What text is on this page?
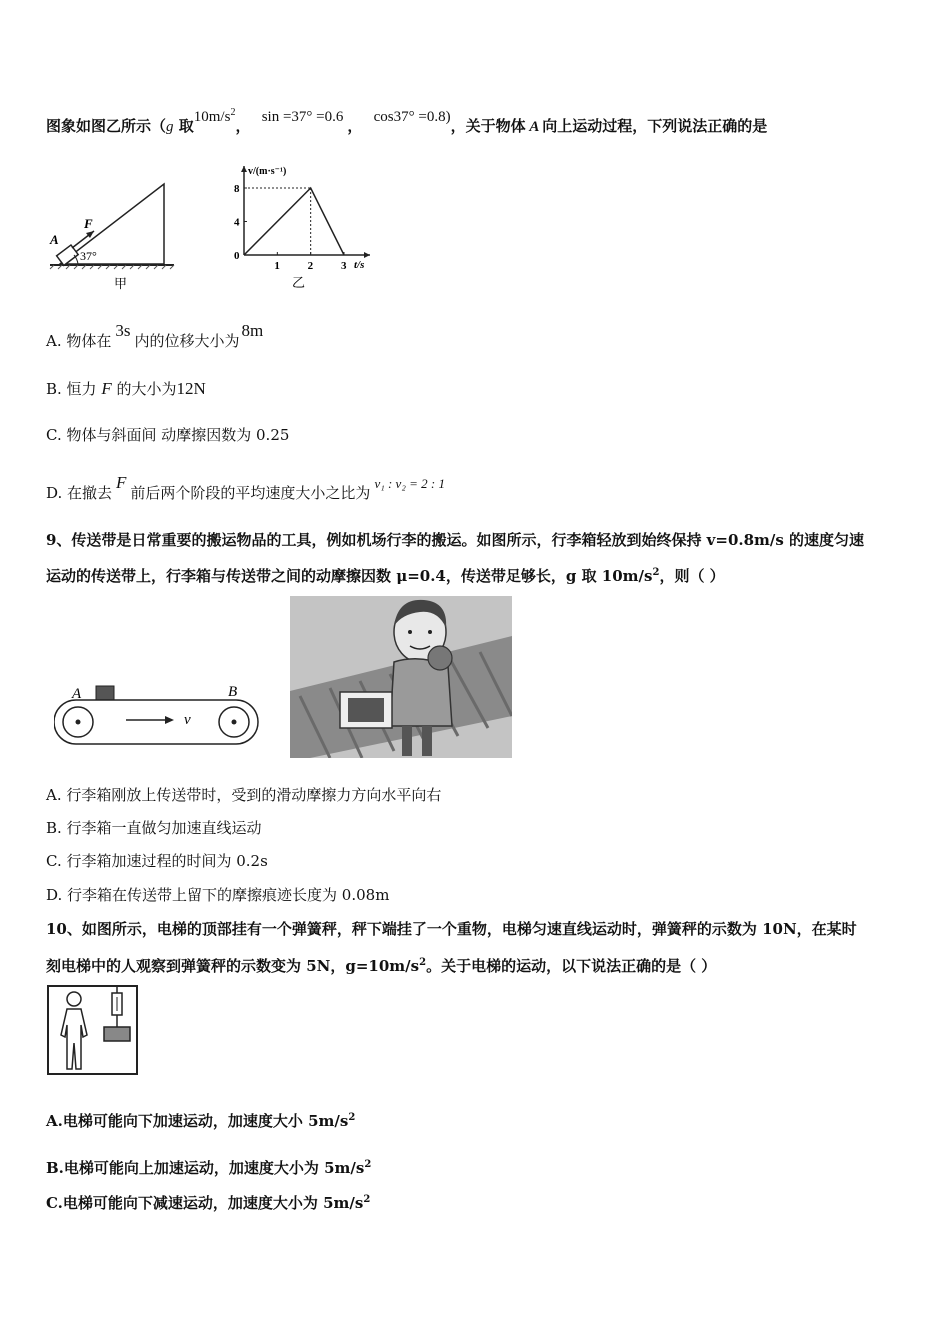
图象如图乙所示（g 取$10m/s^2$， sin =37° =0.6 ， cos37° =0.8)，关于物体 A 向上运动过程，下列说法正确的是
A
F
37°
甲
v/(m·s⁻¹)
t/s
8
4
0
1	2	3
乙
A. 物体在3s内的位移大小为8m
B. 恒力 F 的大小为12N
C. 物体与斜面间 动摩擦因数为 0.25
D. 在撤去F前后两个阶段的平均速度大小之比为v₁ : v₂ = 2 : 1
9、传送带是日常重要的搬运物品的工具，例如机场行李的搬运。如图所示，行李箱轻放到始终保持 v=0.8m/s 的速度匀速
运动的传送带上，行李箱与传送带之间的动摩擦因数 μ=0.4，传送带足够长，g 取 $10m/s^2$，则（ ）
A	B
v
A. 行李箱刚放上传送带时，受到的滑动摩擦力方向水平向右
B. 行李箱一直做匀加速直线运动
C. 行李箱加速过程的时间为 0.2s
D. 行李箱在传送带上留下的摩擦痕迹长度为 0.08m
10、如图所示，电梯的顶部挂有一个弹簧秤，秤下端挂了一个重物，电梯匀速直线运动时，弹簧秤的示数为 10N，在某时
刻电梯中的人观察到弹簧秤的示数变为 5N，$g=10m/s^2$。关于电梯的运动，以下说法正确的是（ ）
A.电梯可能向下加速运动，加速度大小 $5m/s^2$
B.电梯可能向上加速运动，加速度大小为 $5m/s^2$
C.电梯可能向下减速运动，加速度大小为 $5m/s^2$
